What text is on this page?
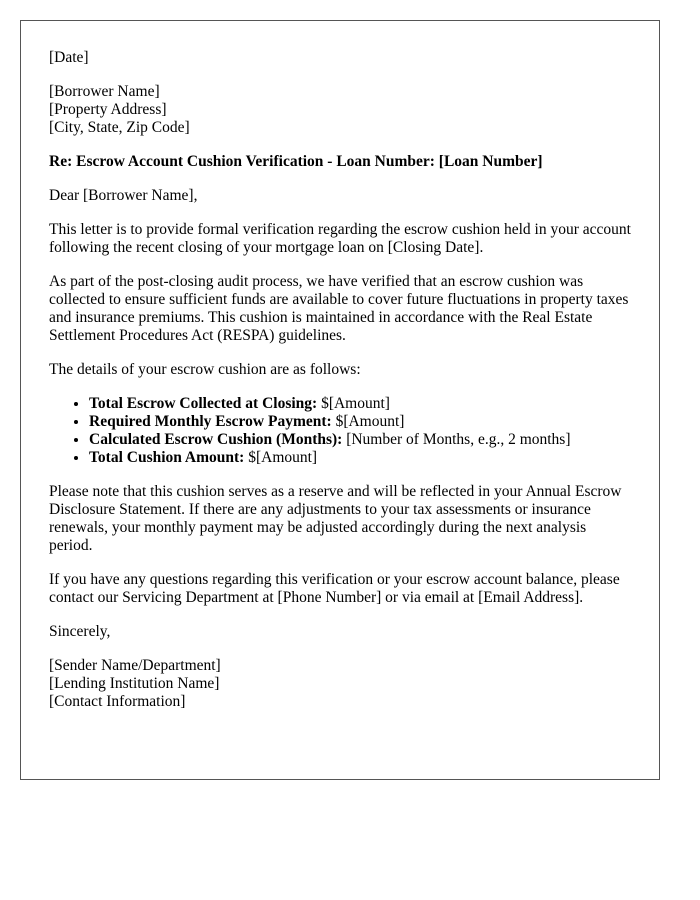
[Date]

[Borrower Name]
[Property Address]
[City, State, Zip Code]

Re: Escrow Account Cushion Verification - Loan Number: [Loan Number]

Dear [Borrower Name],

This letter is to provide formal verification regarding the escrow cushion held in your account following the recent closing of your mortgage loan on [Closing Date].

As part of the post-closing audit process, we have verified that an escrow cushion was collected to ensure sufficient funds are available to cover future fluctuations in property taxes and insurance premiums. This cushion is maintained in accordance with the Real Estate Settlement Procedures Act (RESPA) guidelines.

The details of your escrow cushion are as follows:

• Total Escrow Collected at Closing: $[Amount]
• Required Monthly Escrow Payment: $[Amount]
• Calculated Escrow Cushion (Months): [Number of Months, e.g., 2 months]
• Total Cushion Amount: $[Amount]

Please note that this cushion serves as a reserve and will be reflected in your Annual Escrow Disclosure Statement. If there are any adjustments to your tax assessments or insurance renewals, your monthly payment may be adjusted accordingly during the next analysis period.

If you have any questions regarding this verification or your escrow account balance, please contact our Servicing Department at [Phone Number] or via email at [Email Address].

Sincerely,

[Sender Name/Department]
[Lending Institution Name]
[Contact Information]
